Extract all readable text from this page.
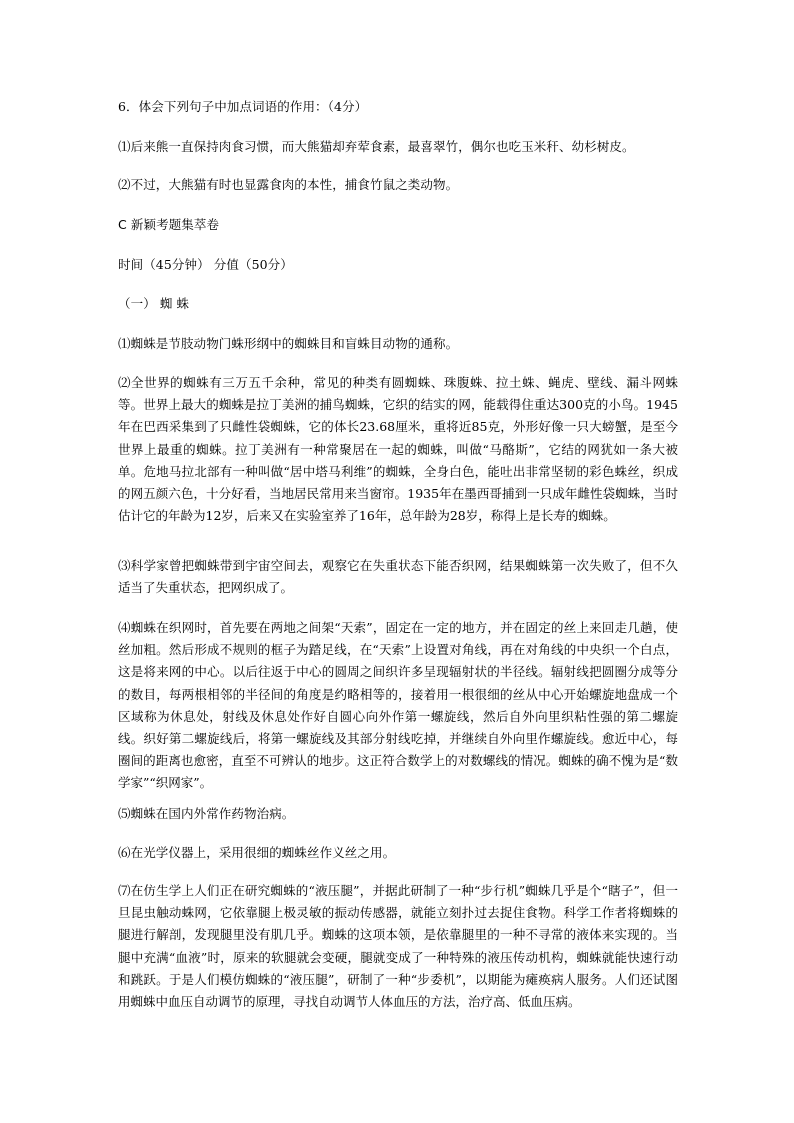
6．体会下列句子中加点词语的作用：（4分）
⑴后来熊一直保持肉食习惯，而大熊猫却弃荤食素，最喜翠竹，偶尔也吃玉米秆、幼杉树皮。
⑵不过，大熊猫有时也显露食肉的本性，捕食竹鼠之类动物。
C 新颖考题集萃卷
时间（45分钟） 分值（50分）
（一） 蜘 蛛
⑴蜘蛛是节肢动物门蛛形纲中的蜘蛛目和盲蛛目动物的通称。
⑵全世界的蜘蛛有三万五千余种，常见的种类有圆蜘蛛、珠腹蛛、拉土蛛、蝇虎、壁线、漏斗网蛛等。世界上最大的蜘蛛是拉丁美洲的捕鸟蜘蛛，它织的结实的网，能载得住重达300克的小鸟。1945年在巴西采集到了只雌性袋蜘蛛，它的体长23.68厘米，重将近85克，外形好像一只大螃蟹，是至今世界上最重的蜘蛛。拉丁美洲有一种常聚居在一起的蜘蛛，叫做“马酪斯”，它结的网犹如一条大被单。危地马拉北部有一种叫做“居中塔马利维”的蜘蛛，全身白色，能吐出非常坚韧的彩色蛛丝，织成的网五颜六色，十分好看，当地居民常用来当窗帘。1935年在墨西哥捕到一只成年雌性袋蜘蛛，当时估计它的年龄为12岁，后来又在实验室养了16年，总年龄为28岁，称得上是长寿的蜘蛛。
⑶科学家曾把蜘蛛带到宇宙空间去，观察它在失重状态下能否织网，结果蜘蛛第一次失败了，但不久适当了失重状态，把网织成了。
⑷蜘蛛在织网时，首先要在两地之间架“天索”，固定在一定的地方，并在固定的丝上来回走几趟，使丝加粗。然后形成不规则的框子为踏足线，在“天索”上设置对角线，再在对角线的中央织一个白点，这是将来网的中心。以后往返于中心的圆周之间织许多呈现辐射状的半径线。辐射线把圆圈分成等分的数目，每两根相邻的半径间的角度是约略相等的，接着用一根很细的丝从中心开始螺旋地盘成一个区域称为休息处，射线及休息处作好自圆心向外作第一螺旋线，然后自外向里织粘性强的第二螺旋线。织好第二螺旋线后，将第一螺旋线及其部分射线吃掉，并继续自外向里作螺旋线。愈近中心，每圈间的距离也愈密，直至不可辨认的地步。这正符合数学上的对数螺线的情况。蜘蛛的确不愧为是“数学家”“织网家”。
⑸蜘蛛在国内外常作药物治病。
⑹在光学仪器上，采用很细的蜘蛛丝作义丝之用。
⑺在仿生学上人们正在研究蜘蛛的“液压腿”，并据此研制了一种“步行机”蜘蛛几乎是个“瞎子”，但一旦昆虫触动蛛网，它依靠腿上极灵敏的振动传感器，就能立刻扑过去捉住食物。科学工作者将蜘蛛的腿进行解剖，发现腿里没有肌几乎。蜘蛛的这项本领，是依靠腿里的一种不寻常的液体来实现的。当腿中充满“血液”时，原来的软腿就会变硬，腿就变成了一种特殊的液压传动机构，蜘蛛就能快速行动和跳跃。于是人们模仿蜘蛛的“液压腿”，研制了一种“步委机”，以期能为瘫痪病人服务。人们还试图用蜘蛛中血压自动调节的原理，寻找自动调节人体血压的方法，治疗高、低血压病。
